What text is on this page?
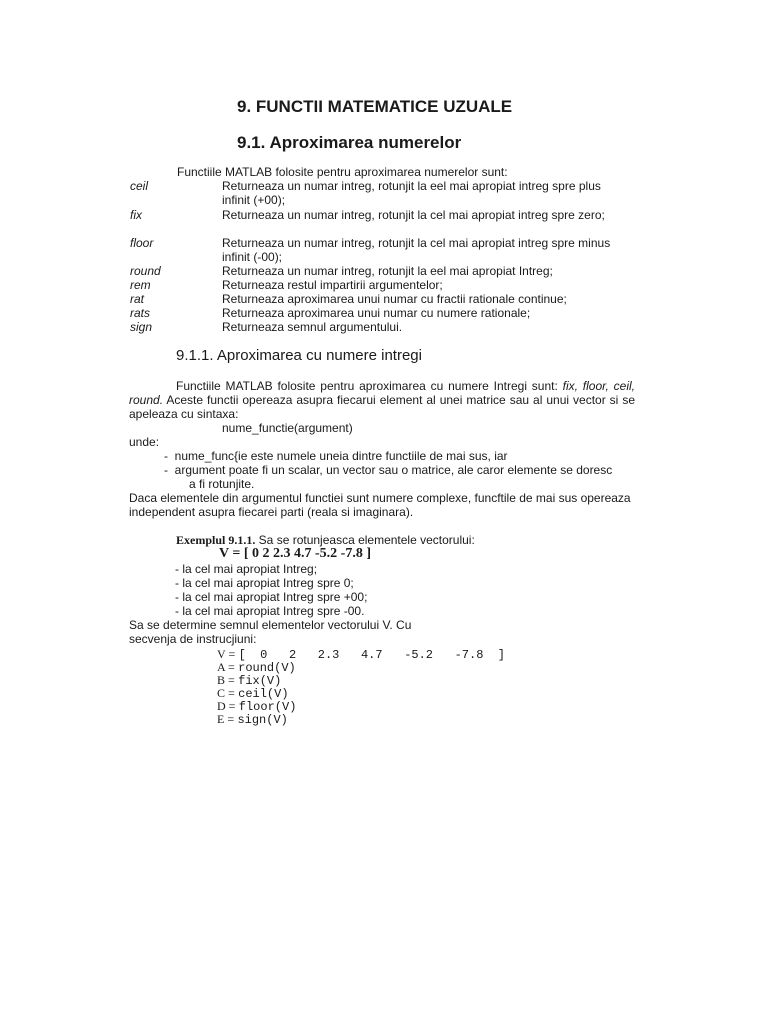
9. FUNCTII MATEMATICE UZUALE
9.1. Aproximarea numerelor
Functiile MATLAB folosite pentru aproximarea numerelor sunt:
ceil	Returneaza un numar intreg, rotunjit la eel mai apropiat intreg spre plus infinit (+00);
fix	Returneaza un numar intreg, rotunjit la cel mai apropiat intreg spre zero;
floor	Returneaza un numar intreg, rotunjit la cel mai apropiat intreg spre minus infinit (-00);
round	Returneaza un numar intreg, rotunjit la eel mai apropiat Intreg;
rem	Returneaza restul impartirii argumentelor;
rat	Returneaza aproximarea unui numar cu fractii rationale continue;
rats	Returneaza aproximarea unui numar cu numere rationale;
sign	Returneaza semnul argumentului.
9.1.1. Aproximarea cu numere intregi
Functiile MATLAB folosite pentru aproximarea cu numere Intregi sunt: fix, floor, ceil, round. Aceste functii opereaza asupra fiecarui element al unei matrice sau al unui vector si se apeleaza cu sintaxa:
nume_functie(argument)
unde:
-  nume_func{ie este numele uneia dintre functiile de mai sus, iar
-  argument poate fi un scalar, un vector sau o matrice, ale caror elemente se doresc
a fi rotunjite.
Daca elementele din argumentul functiei sunt numere complexe, funcftile de mai sus opereaza independent asupra fiecarei parti (reala si imaginara).
Exemplul 9.1.1. Sa se rotunjeasca elementele vectorului:
V = [ 0 2 2.3 4.7 -5.2 -7.8 ]
- la cel mai apropiat Intreg;
- la cel mai apropiat Intreg spre 0;
- la cel mai apropiat Intreg spre +00;
- la cel mai apropiat Intreg spre -00.
Sa se determine semnul elementelor vectorului V. Cu
secvenja de instrucjiuni:
V = [  0   2   2.3   4.7   -5.2   -7.8  ]
A = round(V)
B = fix(V)
C = ceil(V)
D = floor(V)
E = sign(V)
